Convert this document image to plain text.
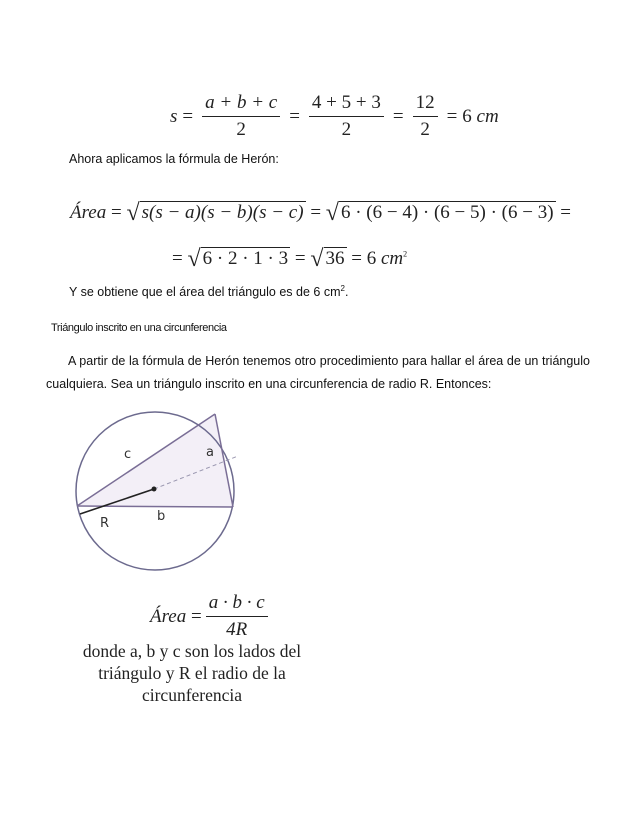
$s = \frac{a + b + c}{2} = \frac{4 + 5 + 3}{2} = \frac{12}{2} = 6$
cm
Ahora aplicamos la fórmula de Herón:
Área = √ s(s − a)(s − b)(s − c) = √ 6 · (6 − 4) · (6 − 5) · (6 − 3) =
= √ 6 · 2 · 1 · 3 = √ 36 = 6 $cm^2$
Y se obtiene que el área del triángulo es de 6 $cm^2$.
Triángulo inscrito en una circunferencia
A partir de la fórmula de Herón tenemos otro procedimiento para hallar el área de un triángulo cualquiera. Sea un triángulo inscrito en una circunferencia de radio R. Entonces:
c	a
b
R
Área
= $\frac{a \cdot b \cdot c}{4R}$
donde a, b y c son los lados del triángulo y R el radio de la circunferencia
